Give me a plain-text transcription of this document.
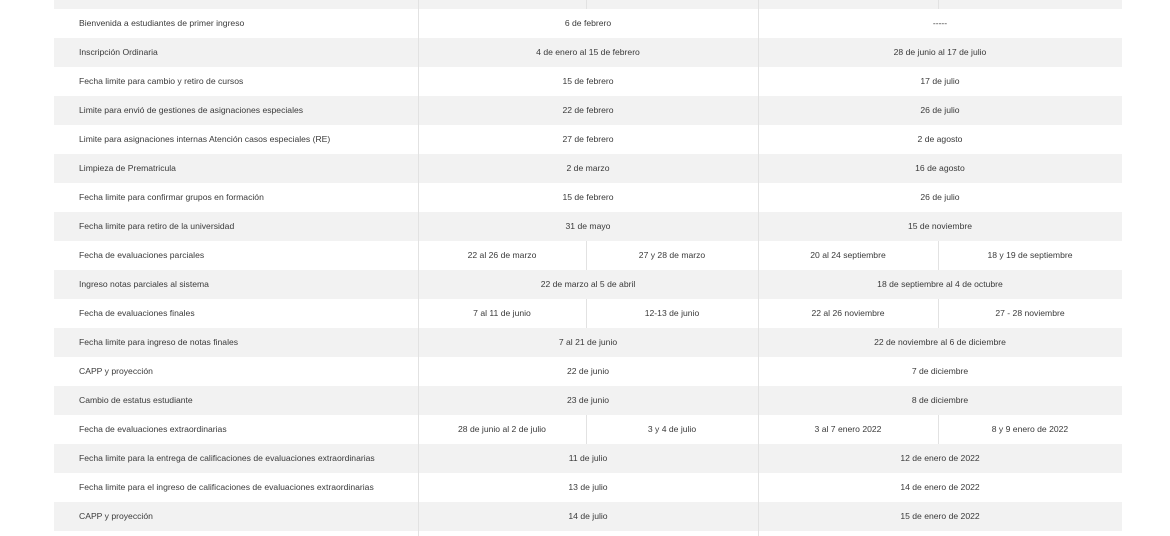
Bienvenida a estudiantes de primer ingreso	6 de febrero	-----
Inscripción Ordinaria	4 de enero al 15 de febrero	28 de junio al 17 de julio
Fecha limite para cambio y retiro de cursos	15 de febrero	17 de julio
Limite para envió de gestiones de asignaciones especiales	22 de febrero	26 de julio
Limite para asignaciones internas Atención casos especiales (RE)	27 de febrero	2 de agosto
Limpieza de Prematricula	2 de marzo	16 de agosto
Fecha limite para confirmar grupos en formación	15 de febrero	26 de julio
Fecha limite para retiro de la universidad	31 de mayo	15 de noviembre
Fecha de evaluaciones parciales	22 al 26 de marzo	27 y 28 de marzo	20 al 24 septiembre	18 y 19 de septiembre
Ingreso notas parciales al sistema	22 de marzo al 5 de abril	18 de septiembre al 4 de octubre
Fecha de evaluaciones finales	7 al 11 de junio	12-13 de junio	22 al 26 noviembre	27 - 28 noviembre
Fecha limite para ingreso de notas finales	7 al 21 de junio	22 de noviembre al 6 de diciembre
CAPP y proyección	22 de junio	7 de diciembre
Cambio de estatus estudiante	23 de junio	8 de diciembre
Fecha de evaluaciones extraordinarias	28 de junio al 2 de julio	3 y 4 de julio	3 al 7 enero 2022	8 y 9 enero de 2022
Fecha limite para la entrega de calificaciones de evaluaciones extraordinarias	11 de julio	12 de enero de 2022
Fecha limite para el ingreso de calificaciones de evaluaciones extraordinarias	13 de julio	14 de enero de 2022
CAPP y proyección	14 de julio	15 de enero de 2022
